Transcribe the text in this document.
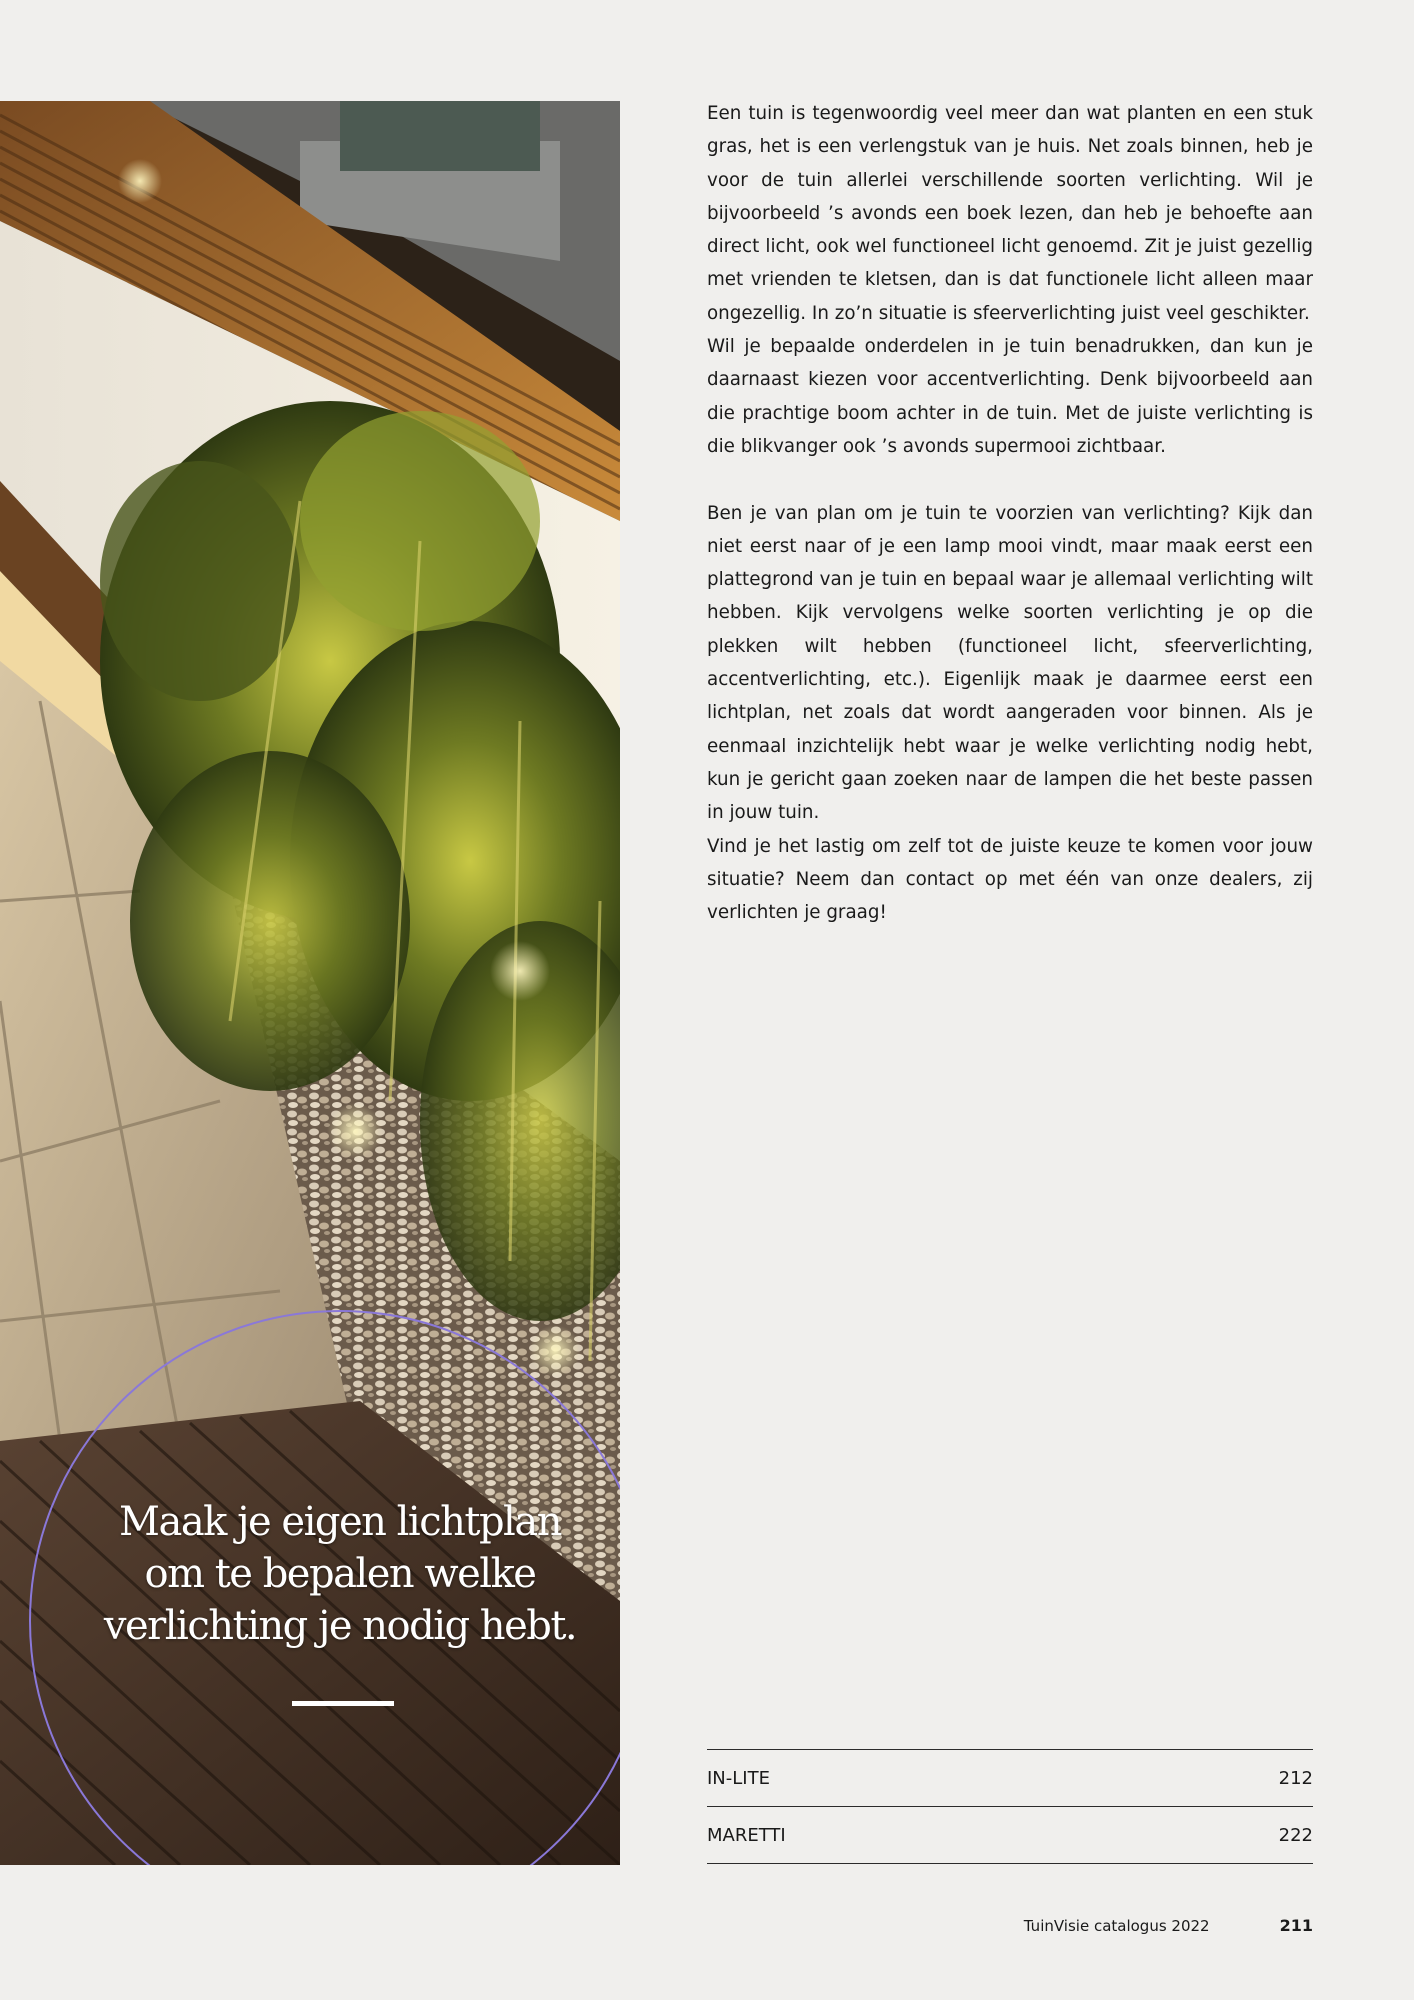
Maak je eigen lichtplan
om te bepalen welke
verlichting je nodig hebt.

Een tuin is tegenwoordig veel meer dan wat planten en een stuk gras, het is een verlengstuk van je huis. Net zoals binnen, heb je voor de tuin allerlei verschillende soorten verlichting. Wil je bijvoorbeeld ’s avonds een boek lezen, dan heb je behoefte aan direct licht, ook wel functioneel licht genoemd. Zit je juist gezellig met vrienden te kletsen, dan is dat functionele licht alleen maar ongezellig. In zo’n situatie is sfeerverlichting juist veel geschikter.

Wil je bepaalde onderdelen in je tuin benadrukken, dan kun je daarnaast kiezen voor accentverlichting. Denk bijvoorbeeld aan die prachtige boom achter in de tuin. Met de juiste verlichting is die blikvanger ook ’s avonds supermooi zichtbaar.

Ben je van plan om je tuin te voorzien van verlichting? Kijk dan niet eerst naar of je een lamp mooi vindt, maar maak eerst een plattegrond van je tuin en bepaal waar je allemaal verlichting wilt hebben. Kijk vervolgens welke soorten verlichting je op die plekken wilt hebben (functioneel licht, sfeerverlichting, accentverlichting, etc.). Eigenlijk maak je daarmee eerst een lichtplan, net zoals dat wordt aangeraden voor binnen. Als je eenmaal inzichtelijk hebt waar je welke verlichting nodig hebt, kun je gericht gaan zoeken naar de lampen die het beste passen in jouw tuin.

Vind je het lastig om zelf tot de juiste keuze te komen voor jouw situatie? Neem dan contact op met één van onze dealers, zij verlichten je graag!

IN-LITE	212
MARETTI	222
TuinVisie catalogus 2022	211
